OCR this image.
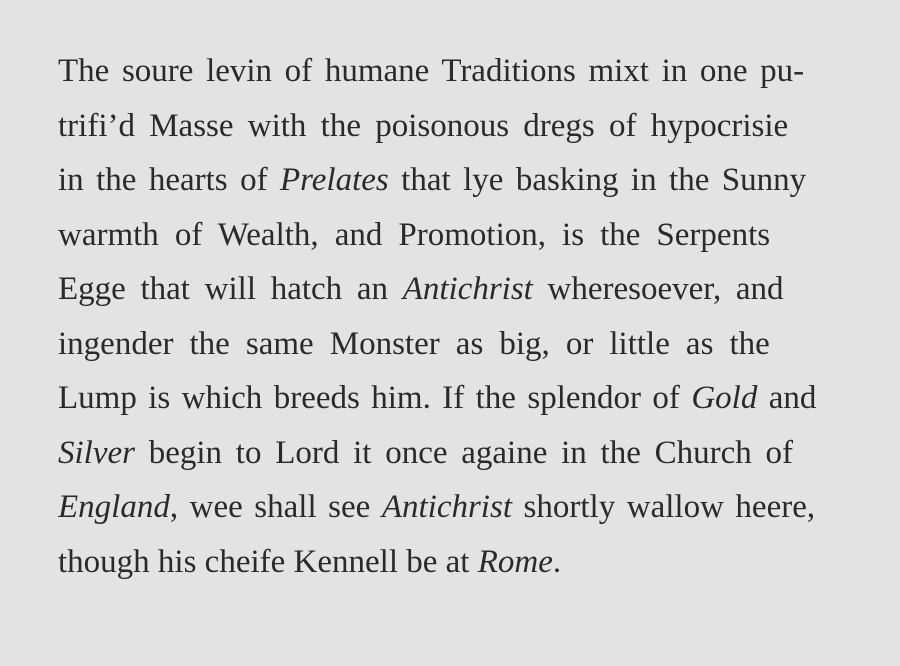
The soure levin of humane Traditions mixt in one pu-
trifi’d Masse with the poisonous dregs of hypocrisie
in the hearts of Prelates that lye basking in the Sunny
warmth of Wealth, and Promotion, is the Serpents
Egge that will hatch an Antichrist wheresoever, and
ingender the same Monster as big, or little as the
Lump is which breeds him. If the splendor of Gold and
Silver begin to Lord it once againe in the Church of
England, wee shall see Antichrist shortly wallow heere,
though his cheife Kennell be at Rome.
